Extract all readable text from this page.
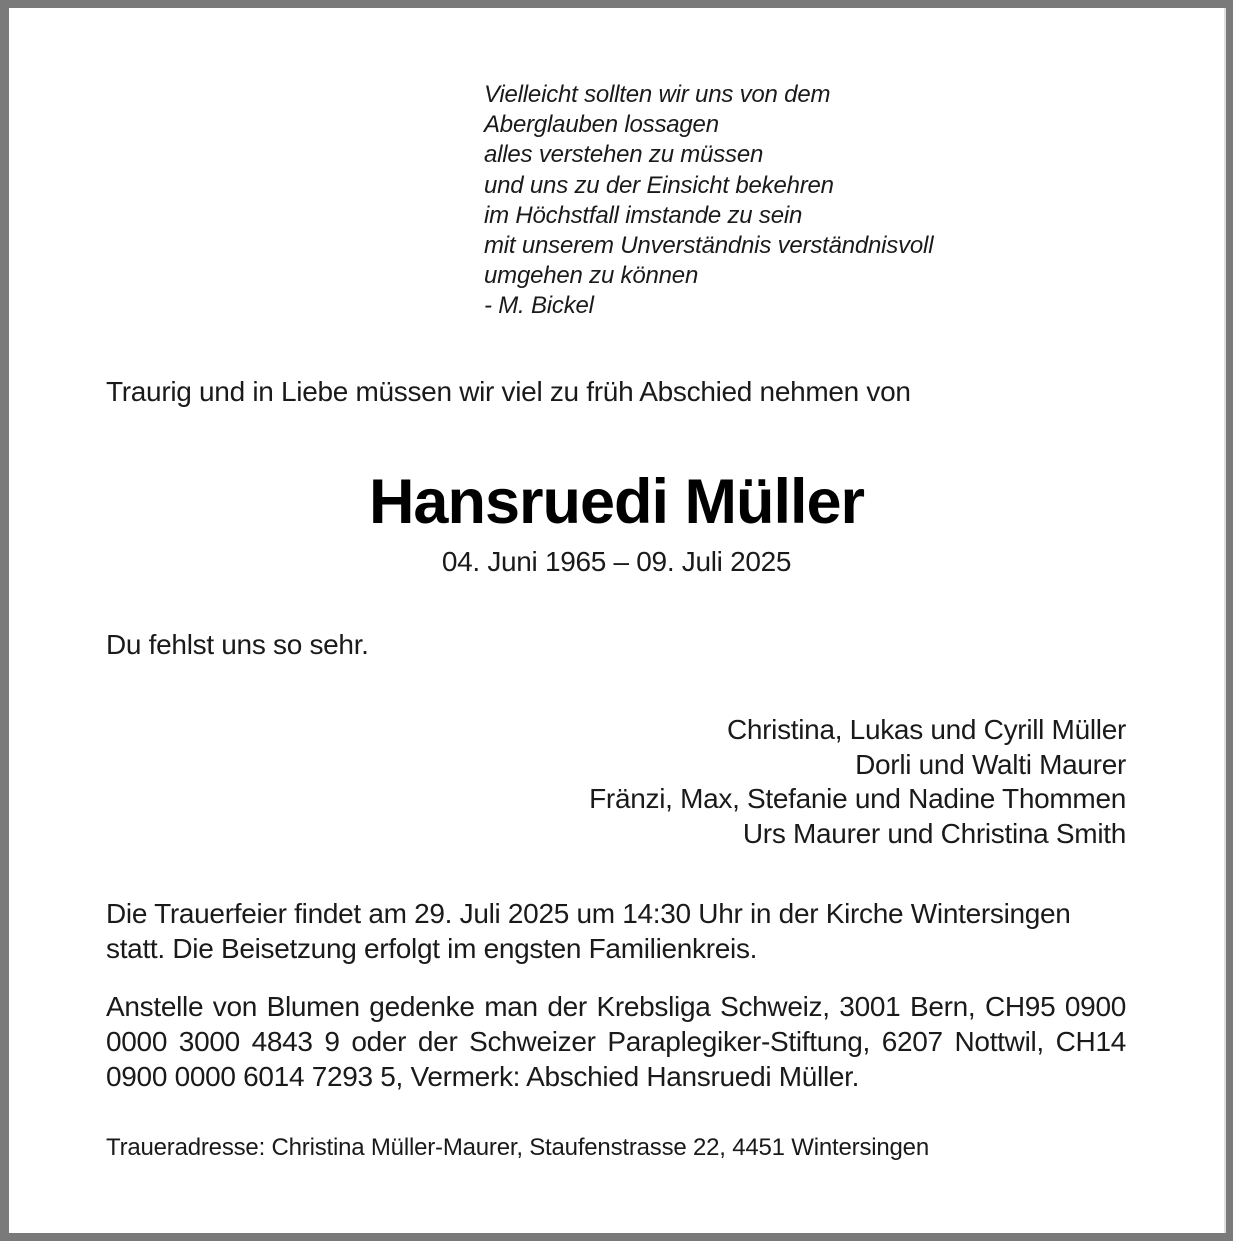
Vielleicht sollten wir uns von dem
Aberglauben lossagen
alles verstehen zu müssen
und uns zu der Einsicht bekehren
im Höchstfall imstande zu sein
mit unserem Unverständnis verständnisvoll
umgehen zu können
- M. Bickel
Traurig und in Liebe müssen wir viel zu früh Abschied nehmen von
Hansruedi Müller
04. Juni 1965 – 09. Juli 2025
Du fehlst uns so sehr.
Christina, Lukas und Cyrill Müller
Dorli und Walti Maurer
Fränzi, Max, Stefanie und Nadine Thommen
Urs Maurer und Christina Smith
Die Trauerfeier findet am 29. Juli 2025 um 14:30 Uhr in der Kirche Wintersingen statt. Die Beisetzung erfolgt im engsten Familienkreis.
Anstelle von Blumen gedenke man der Krebsliga Schweiz, 3001 Bern, CH95 0900 0000 3000 4843 9 oder der Schweizer Paraplegiker-Stiftung, 6207 Nottwil, CH14 0900 0000 6014 7293 5, Vermerk: Abschied Hansruedi Müller.
Traueradresse: Christina Müller-Maurer, Staufenstrasse 22, 4451 Wintersingen
